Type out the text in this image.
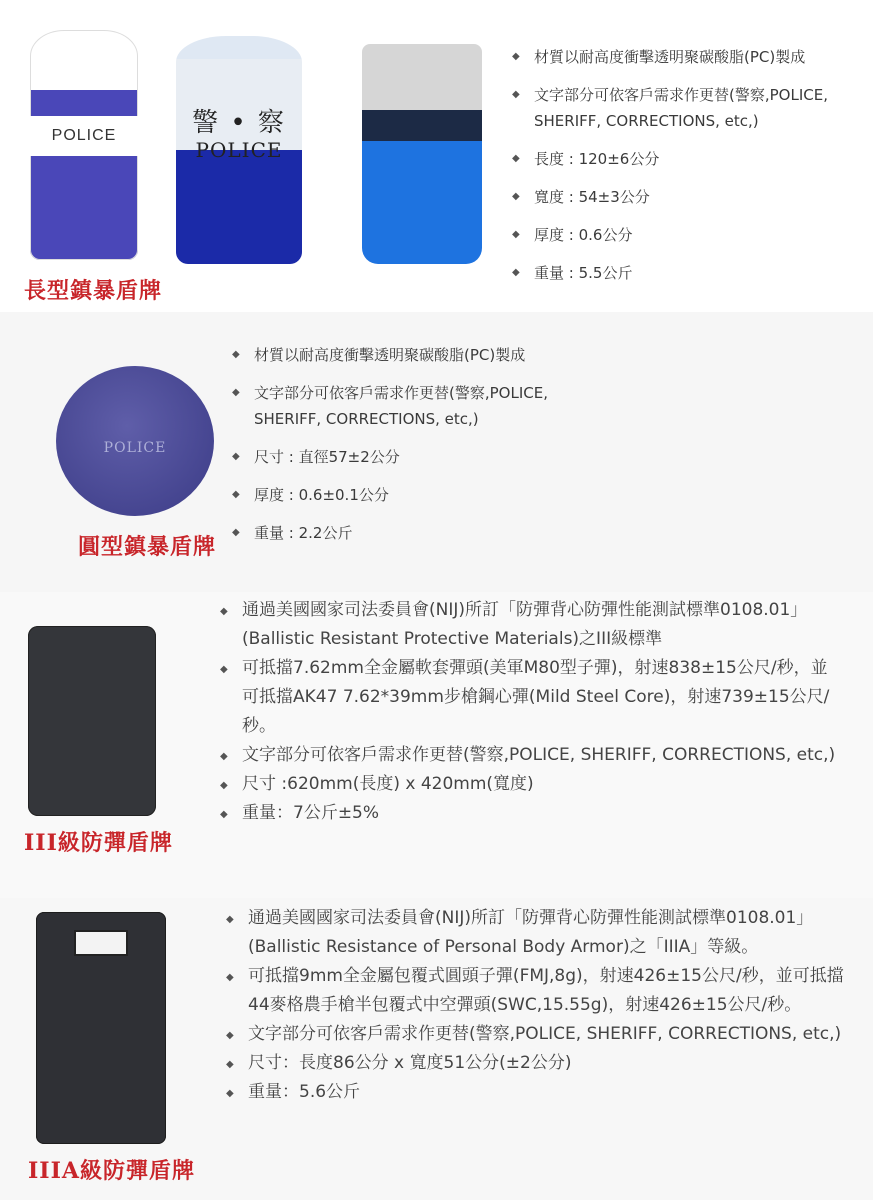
POLICE	警 • 察
POLICE
長型鎮暴盾牌
◆ 材質以耐高度衝擊透明聚碳酸脂(PC)製成
◆ 文字部分可依客戶需求作更替(警察,POLICE, SHERIFF, CORRECTIONS, etc,)
◆ 長度 : 120±6公分
◆ 寬度 : 54±3公分
◆ 厚度 : 0.6公分
◆ 重量 : 5.5公斤
POLICE
圓型鎮暴盾牌
◆ 材質以耐高度衝擊透明聚碳酸脂(PC)製成
◆ 文字部分可依客戶需求作更替(警察,POLICE, SHERIFF, CORRECTIONS, etc,)
◆ 尺寸 : 直徑57±2公分
◆ 厚度 : 0.6±0.1公分
◆ 重量 : 2.2公斤
III級防彈盾牌
◆ 通過美國國家司法委員會(NIJ)所訂「防彈背心防彈性能測試標準0108.01」(Ballistic Resistant Protective Materials)之III級標準
◆ 可抵擋7.62mm全金屬軟套彈頭(美軍M80型子彈)，射速838±15公尺/秒，並可抵擋AK47 7.62*39mm步槍鋼心彈(Mild Steel Core)，射速739±15公尺/秒。
◆ 文字部分可依客戶需求作更替(警察,POLICE, SHERIFF, CORRECTIONS, etc,)
◆ 尺寸 :620mm(長度) x 420mm(寬度)
◆ 重量：7公斤±5%
IIIA級防彈盾牌
◆ 通過美國國家司法委員會(NIJ)所訂「防彈背心防彈性能測試標準0108.01」(Ballistic Resistance of Personal Body Armor)之「IIIA」等級。
◆ 可抵擋9mm全金屬包覆式圓頭子彈(FMJ,8g)，射速426±15公尺/秒，並可抵擋44麥格農手槍半包覆式中空彈頭(SWC,15.55g)，射速426±15公尺/秒。
◆ 文字部分可依客戶需求作更替(警察,POLICE, SHERIFF, CORRECTIONS, etc,)
◆ 尺寸：長度86公分 x 寬度51公分(±2公分)
◆ 重量：5.6公斤
